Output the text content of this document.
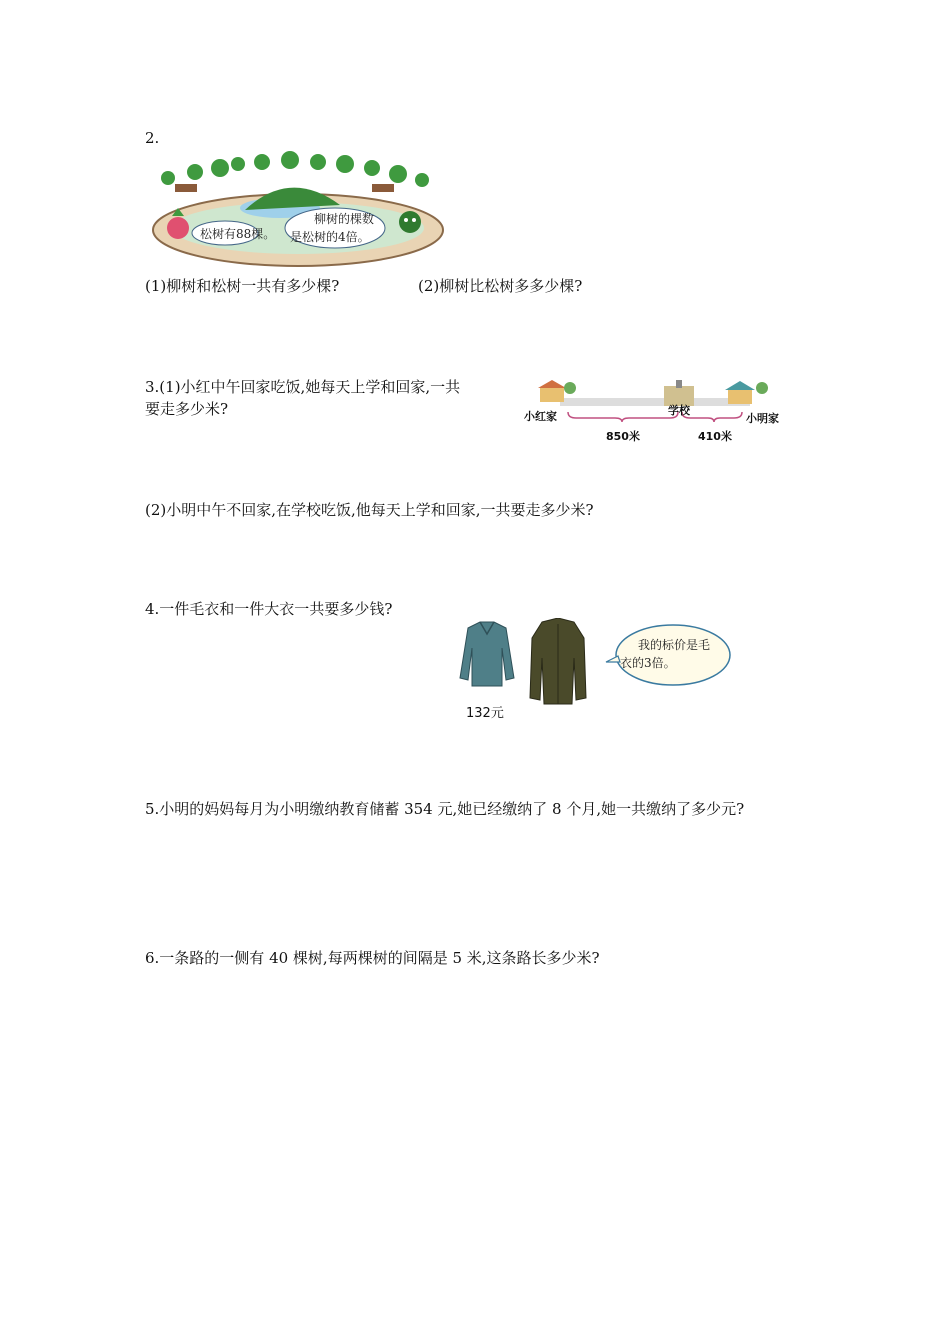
2.
松树有88棵。
柳树的棵数
是松树的4倍。
(1)柳树和松树一共有多少棵?	(2)柳树比松树多多少棵?
3.(1)小红中午回家吃饭,她每天上学和回家,一共
要走多少米?	小红家	学校
小明家
850米	410米
(2)小明中午不回家,在学校吃饭,他每天上学和回家,一共要走多少米?
4.一件毛衣和一件大衣一共要多少钱?
132元
我的标价是毛
衣的3倍。
5.小明的妈妈每月为小明缴纳教育储蓄 354 元,她已经缴纳了 8 个月,她一共缴纳了多少元?
6.一条路的一侧有 40 棵树,每两棵树的间隔是 5 米,这条路长多少米?
